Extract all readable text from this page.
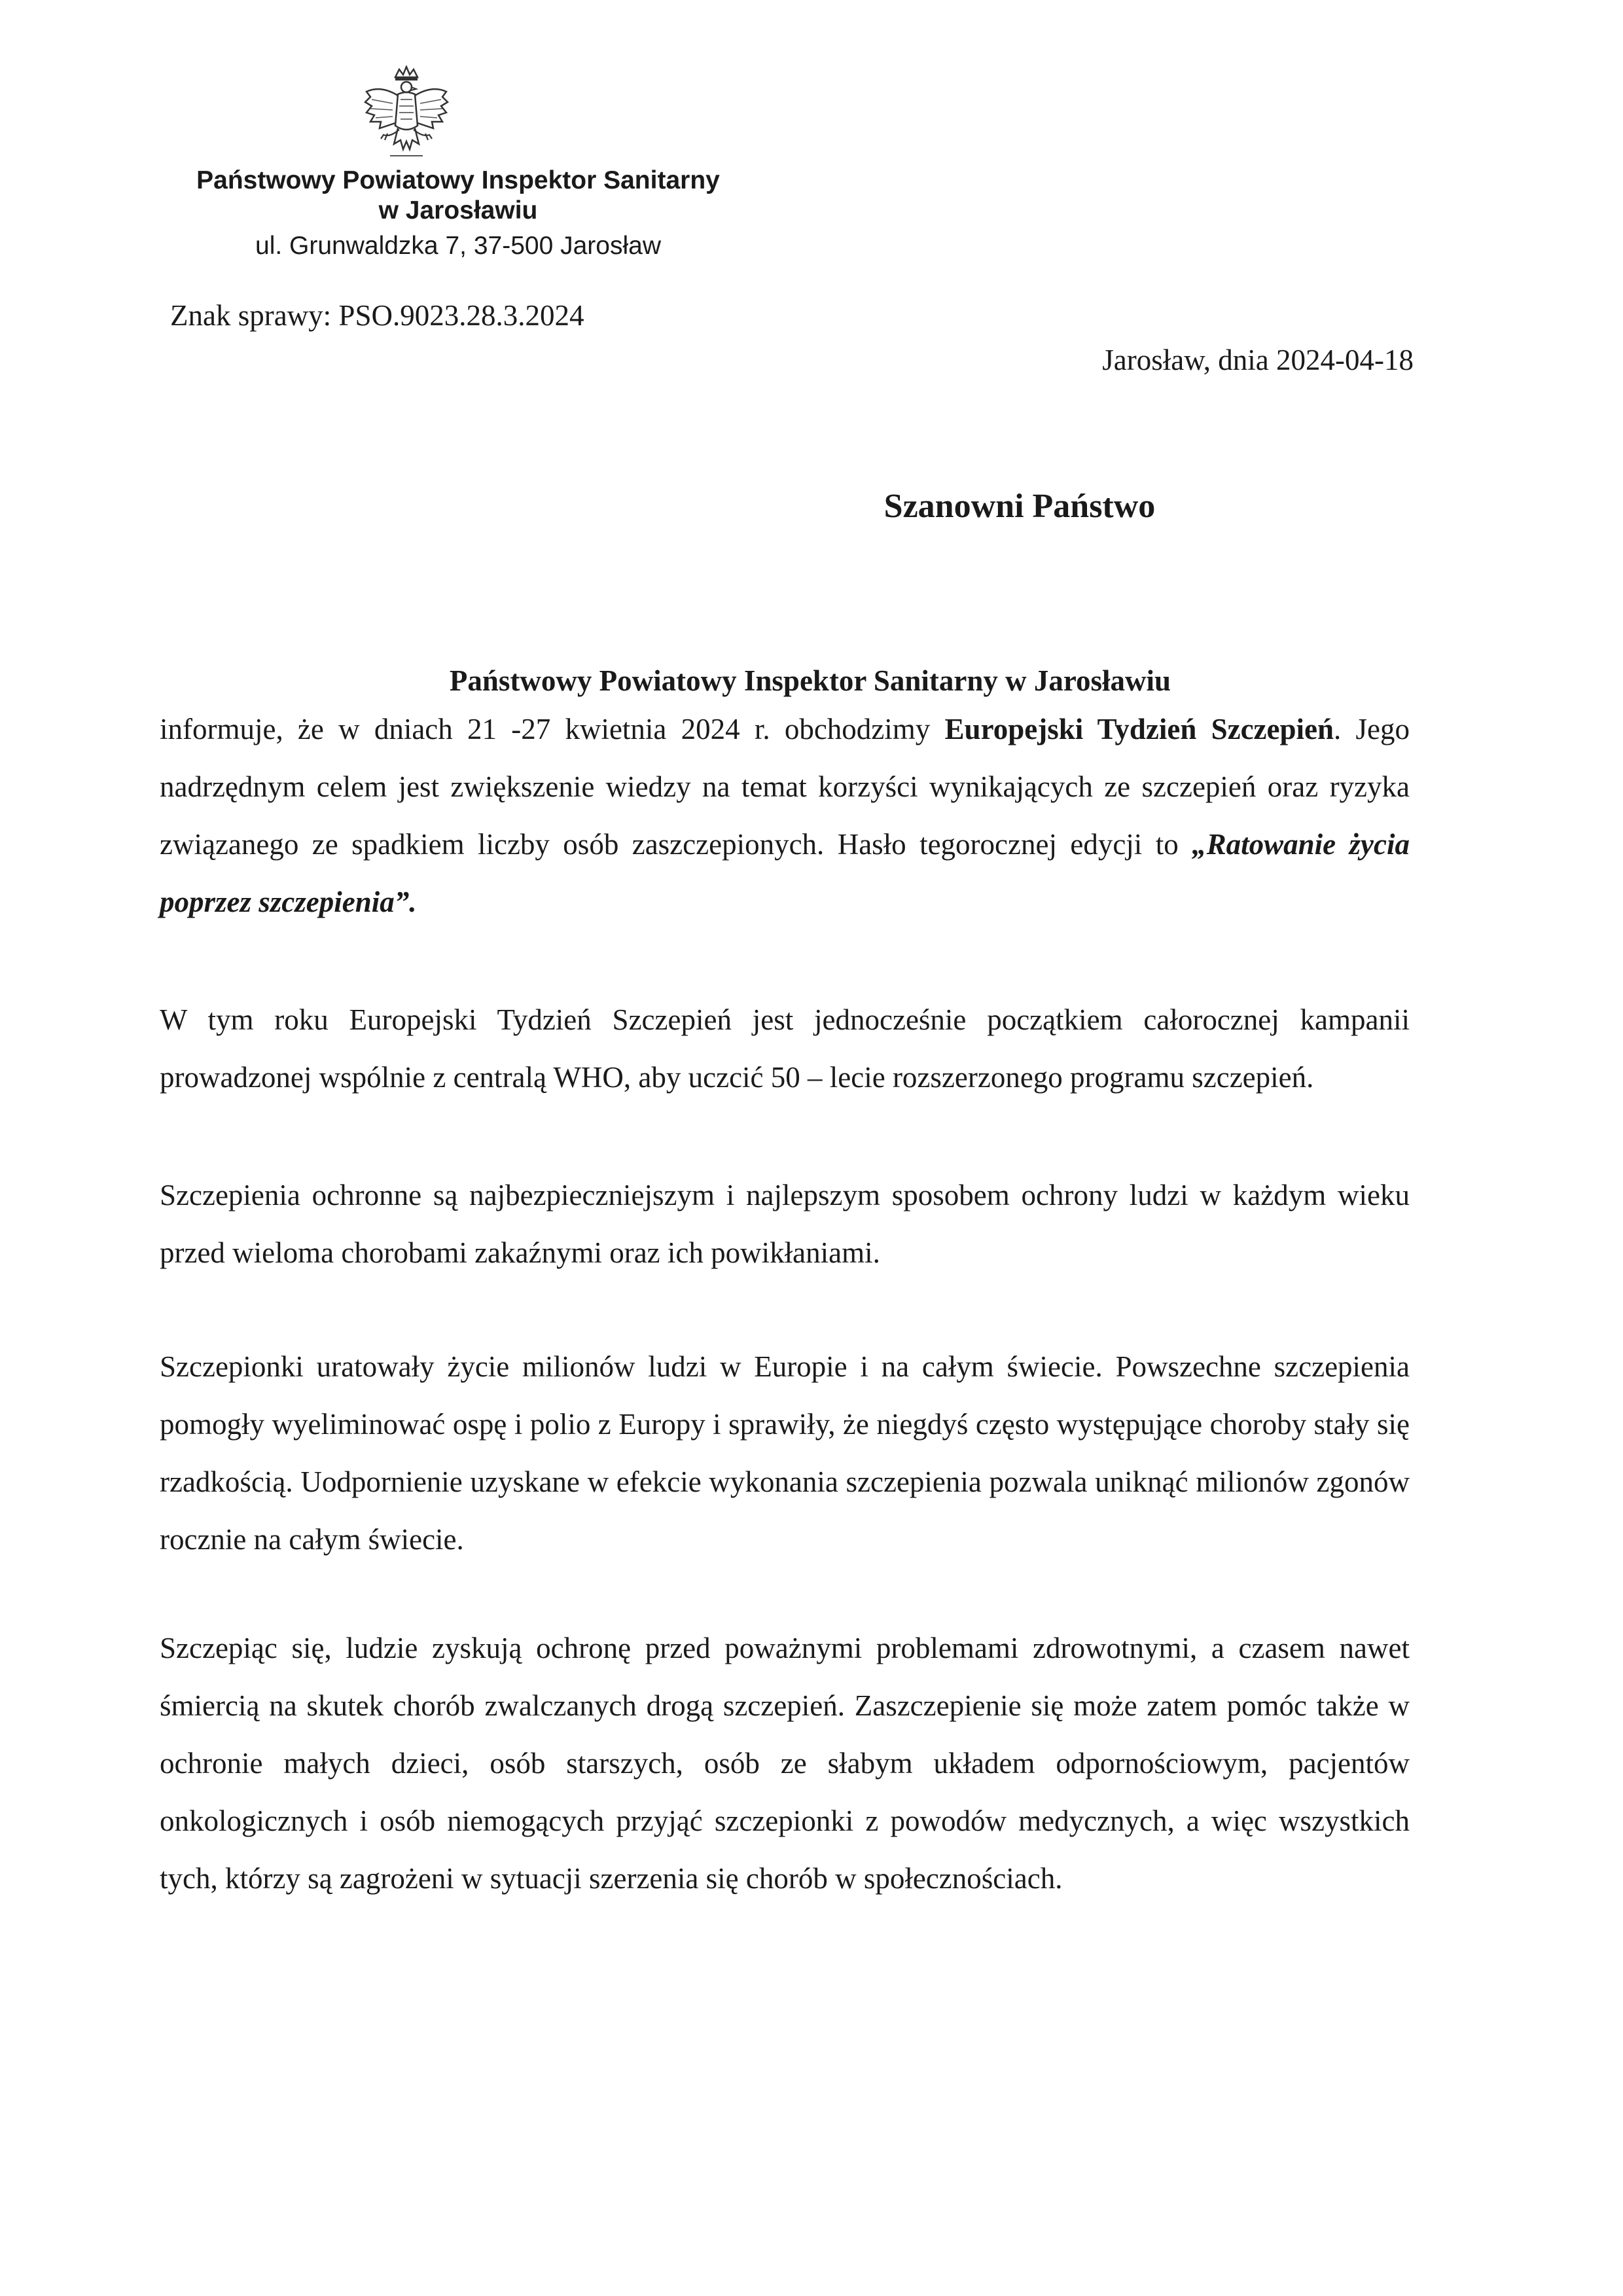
Państwowy Powiatowy Inspektor Sanitarny
w Jarosławiu
ul. Grunwaldzka 7, 37-500 Jarosław
Znak sprawy: PSO.9023.28.3.2024
Jarosław, dnia 2024-04-18
Szanowni Państwo
Państwowy Powiatowy Inspektor Sanitarny w Jarosławiu

informuje, że w dniach 21 -27 kwietnia 2024 r. obchodzimy Europejski Tydzień Szczepień. Jego nadrzędnym celem jest zwiększenie wiedzy na temat korzyści wynikających ze szczepień oraz ryzyka związanego ze spadkiem liczby osób zaszczepionych. Hasło tegorocznej edycji to „Ratowanie życia poprzez szczepienia”.

W tym roku Europejski Tydzień Szczepień jest jednocześnie początkiem całorocznej kampanii prowadzonej wspólnie z centralą WHO, aby uczcić 50 – lecie rozszerzonego programu szczepień.

Szczepienia ochronne są najbezpieczniejszym i najlepszym sposobem ochrony ludzi w każdym wieku przed wieloma chorobami zakaźnymi oraz ich powikłaniami.

Szczepionki uratowały życie milionów ludzi w Europie i na całym świecie. Powszechne szczepienia pomogły wyeliminować ospę i polio z Europy i sprawiły, że niegdyś często występujące choroby stały się rzadkością. Uodpornienie uzyskane w efekcie wykonania szczepienia pozwala uniknąć milionów zgonów rocznie na całym świecie.

Szczepiąc się, ludzie zyskują ochronę przed poważnymi problemami zdrowotnymi, a czasem nawet śmiercią na skutek chorób zwalczanych drogą szczepień. Zaszczepienie się może zatem pomóc także w ochronie małych dzieci, osób starszych, osób ze słabym układem odpornościowym, pacjentów onkologicznych i osób niemogących przyjąć szczepionki z powodów medycznych, a więc wszystkich tych, którzy są zagrożeni w sytuacji szerzenia się chorób w społecznościach.
